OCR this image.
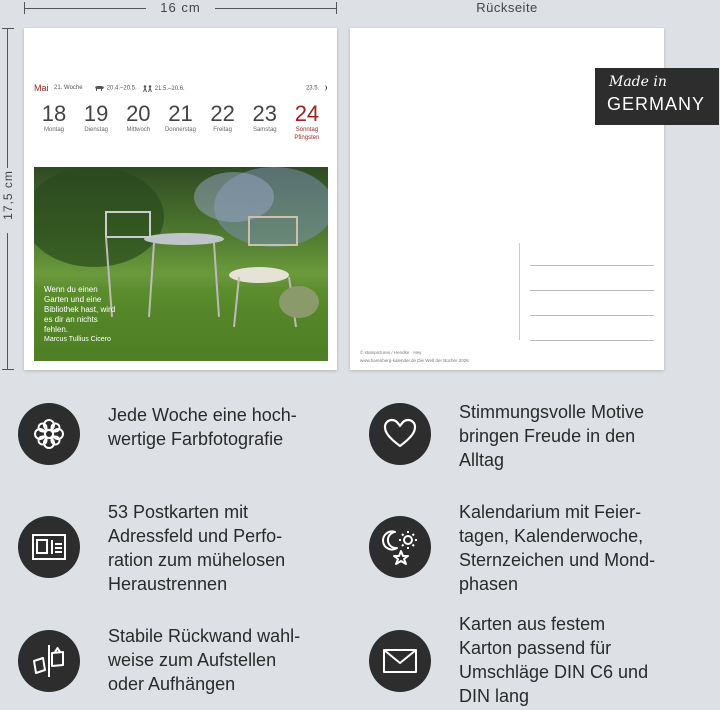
16 cm
17,5 cm
Rückseite
Mai 21. Woche	20.4.–20.5.	21.5.–20.6.	23.5.
18
Montag
19
Dienstag
20
Mittwoch
21
Donnerstag
22
Freitag
23
Samstag
24
Sonntag
Pfingsten
Wenn du einen Garten und eine Bibliothek hast, wird es dir an nichts fehlen.
Marcus Tullius Cicero
© stampictures / Hendke · Hey
www.harenberg-kalender.de Die Welt der Bücher 2026
Made in
GERMANY
Jede Woche eine hoch-
wertige Farbfotografie
Stimmungsvolle Motive
bringen Freude in den
Alltag
53 Postkarten mit
Adressfeld und Perfo-
ration zum mühelosen
Heraustrennen
Kalendarium mit Feier-
tagen, Kalenderwoche,
Sternzeichen und Mond-
phasen
Stabile Rückwand wahl-
weise zum Aufstellen
oder Aufhängen
Karten aus festem
Karton passend für
Umschläge DIN C6 und
DIN lang
